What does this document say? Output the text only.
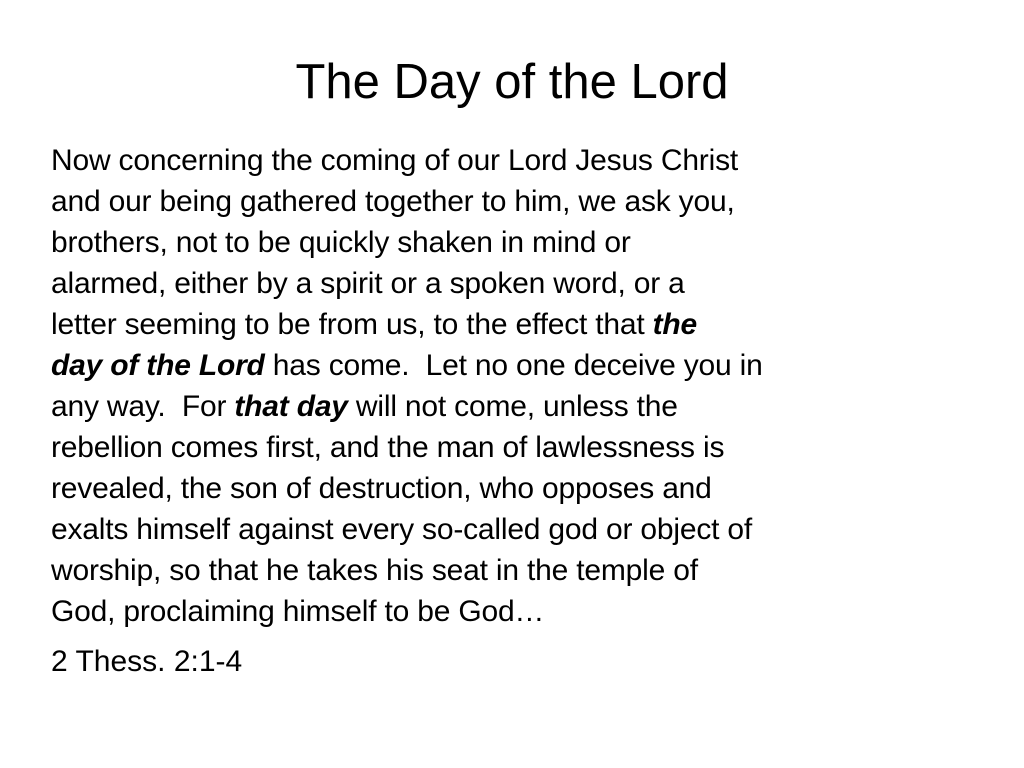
The Day of the Lord
Now concerning the coming of our Lord Jesus Christ
and our being gathered together to him, we ask you,
brothers, not to be quickly shaken in mind or
alarmed, either by a spirit or a spoken word, or a
letter seeming to be from us, to the effect that the
day of the Lord has come.  Let no one deceive you in
any way.  For that day will not come, unless the
rebellion comes first, and the man of lawlessness is
revealed, the son of destruction, who opposes and
exalts himself against every so-called god or object of
worship, so that he takes his seat in the temple of
God, proclaiming himself to be God…

2 Thess. 2:1-4
